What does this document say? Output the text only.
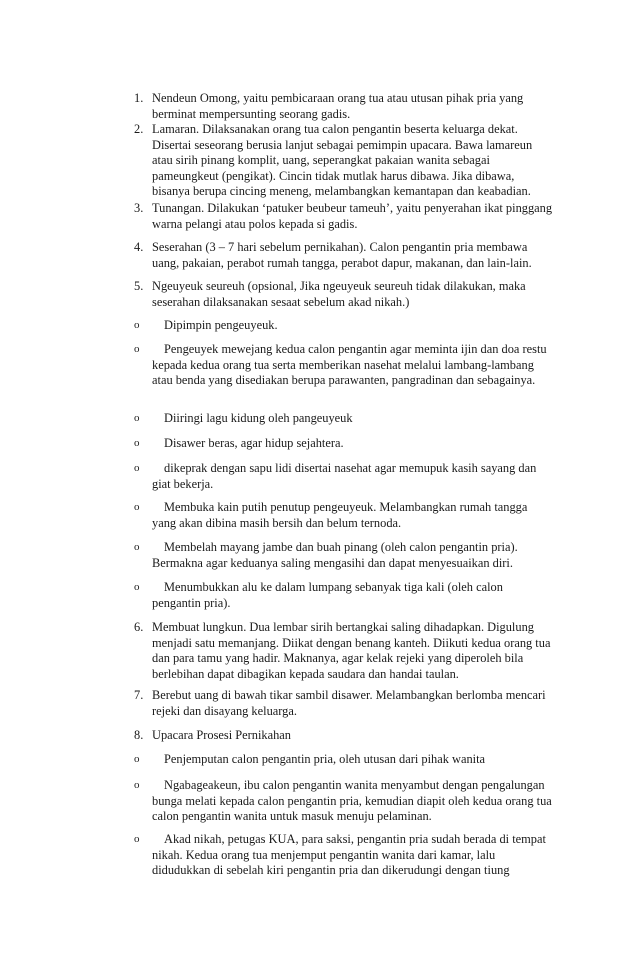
1. Nendeun Omong, yaitu pembicaraan orang tua atau utusan pihak pria yang berminat mempersunting seorang gadis.
2. Lamaran. Dilaksanakan orang tua calon pengantin beserta keluarga dekat. Disertai seseorang berusia lanjut sebagai pemimpin upacara. Bawa lamareun atau sirih pinang komplit, uang, seperangkat pakaian wanita sebagai pameungkeut (pengikat). Cincin tidak mutlak harus dibawa. Jika dibawa, bisanya berupa cincing meneng, melambangkan kemantapan dan keabadian.
3. Tunangan. Dilakukan ‘patuker beubeur tameuh’, yaitu penyerahan ikat pinggang warna pelangi atau polos kepada si gadis.
4. Seserahan (3 – 7 hari sebelum pernikahan). Calon pengantin pria membawa uang, pakaian, perabot rumah tangga, perabot dapur, makanan, dan lain-lain.
5. Ngeuyeuk seureuh (opsional, Jika ngeuyeuk seureuh tidak dilakukan, maka seserahan dilaksanakan sesaat sebelum akad nikah.)
o	Dipimpin pengeuyeuk.
o	Pengeuyek mewejang kedua calon pengantin agar meminta ijin dan doa restu kepada kedua orang tua serta memberikan nasehat melalui lambang-lambang atau benda yang disediakan berupa parawanten, pangradinan dan sebagainya.
o	Diiringi lagu kidung oleh pangeuyeuk
o	Disawer beras, agar hidup sejahtera.
o	dikeprak dengan sapu lidi disertai nasehat agar memupuk kasih sayang dan giat bekerja.
o	Membuka kain putih penutup pengeuyeuk. Melambangkan rumah tangga yang akan dibina masih bersih dan belum ternoda.
o	Membelah mayang jambe dan buah pinang (oleh calon pengantin pria). Bermakna agar keduanya saling mengasihi dan dapat menyesuaikan diri.
o	Menumbukkan alu ke dalam lumpang sebanyak tiga kali (oleh calon pengantin pria).
6. Membuat lungkun. Dua lembar sirih bertangkai saling dihadapkan. Digulung menjadi satu memanjang. Diikat dengan benang kanteh. Diikuti kedua orang tua dan para tamu yang hadir. Maknanya, agar kelak rejeki yang diperoleh bila berlebihan dapat dibagikan kepada saudara dan handai taulan.
7. Berebut uang di bawah tikar sambil disawer. Melambangkan berlomba mencari rejeki dan disayang keluarga.
8. Upacara Prosesi Pernikahan
o	Penjemputan calon pengantin pria, oleh utusan dari pihak wanita
o	Ngabageakeun, ibu calon pengantin wanita menyambut dengan pengalungan bunga melati kepada calon pengantin pria, kemudian diapit oleh kedua orang tua calon pengantin wanita untuk masuk menuju pelaminan.
o	Akad nikah, petugas KUA, para saksi, pengantin pria sudah berada di tempat nikah. Kedua orang tua menjemput pengantin wanita dari kamar, lalu didudukkan di sebelah kiri pengantin pria dan dikerudungi dengan tiung
